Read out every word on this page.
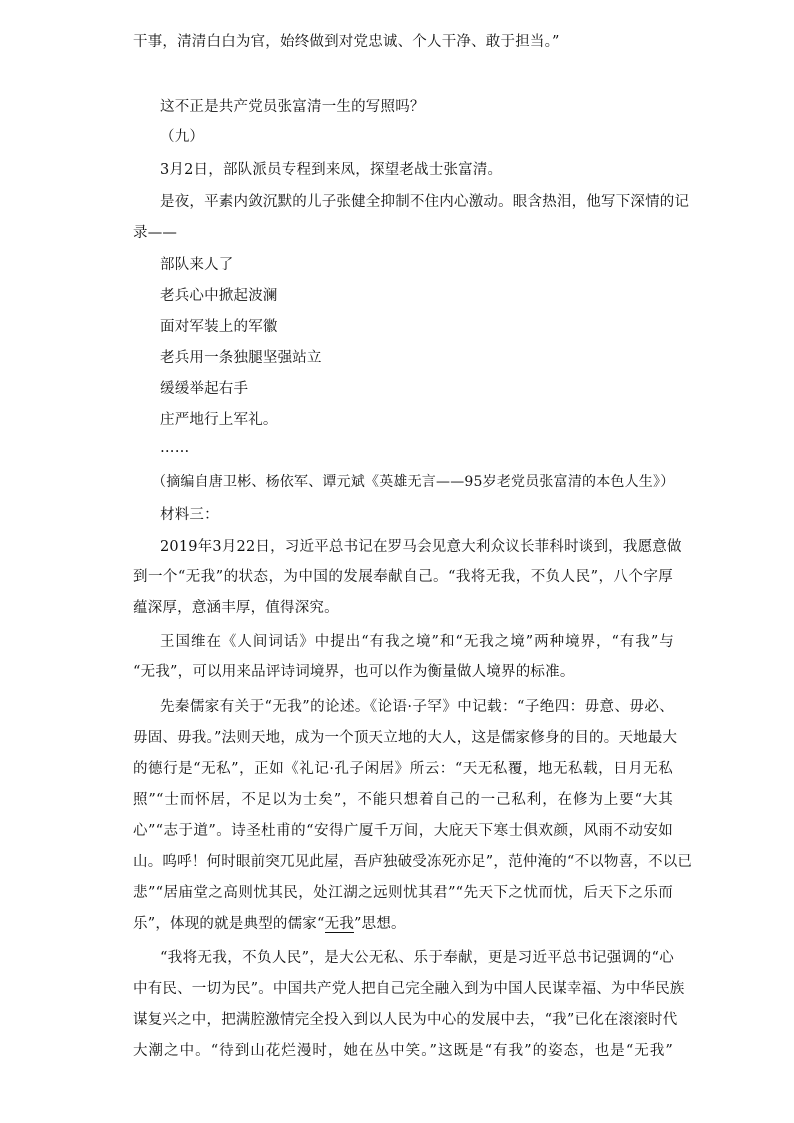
干事，清清白白为官，始终做到对党忠诚、个人干净、敢于担当。”
这不正是共产党员张富清一生的写照吗？
（九）
3月2日，部队派员专程到来凤，探望老战士张富清。
是夜，平素内敛沉默的儿子张健全抑制不住内心激动。眼含热泪，他写下深情的记
录——
部队来人了
老兵心中掀起波澜
面对军装上的军徽
老兵用一条独腿坚强站立
缓缓举起右手
庄严地行上军礼。
……
（摘编自唐卫彬、杨依军、谭元斌《英雄无言——95岁老党员张富清的本色人生》）
材料三：
2019年3月22日，习近平总书记在罗马会见意大利众议长菲科时谈到，我愿意做
到一个“无我”的状态，为中国的发展奉献自己。“我将无我，不负人民”，八个字厚
蕴深厚，意涵丰厚，值得深究。
王国维在《人间词话》中提出“有我之境”和“无我之境”两种境界，“有我”与
“无我”，可以用来品评诗词境界，也可以作为衡量做人境界的标准。
先秦儒家有关于“无我”的论述。《论语·子罕》中记载：“子绝四：毋意、毋必、
毋固、毋我。”法则天地，成为一个顶天立地的大人，这是儒家修身的目的。天地最大
的德行是“无私”，正如《礼记·孔子闲居》所云：“天无私覆，地无私载，日月无私
照”“士而怀居，不足以为士矣”，不能只想着自己的一己私利，在修为上要“大其
心”“志于道”。诗圣杜甫的“安得广厦千万间，大庇天下寒士俱欢颜，风雨不动安如
山。呜呼！何时眼前突兀见此屋，吾庐独破受冻死亦足”，范仲淹的“不以物喜，不以已
悲”“居庙堂之高则忧其民，处江湖之远则忧其君”“先天下之忧而忧，后天下之乐而
乐”，体现的就是典型的儒家“无我”思想。
“我将无我，不负人民”，是大公无私、乐于奉献，更是习近平总书记强调的“心
中有民、一切为民”。中国共产党人把自己完全融入到为中国人民谋幸福、为中华民族
谋复兴之中，把满腔激情完全投入到以人民为中心的发展中去，“我”已化在滚滚时代
大潮之中。“待到山花烂漫时，她在丛中笑。”这既是“有我”的姿态，也是“无我”
